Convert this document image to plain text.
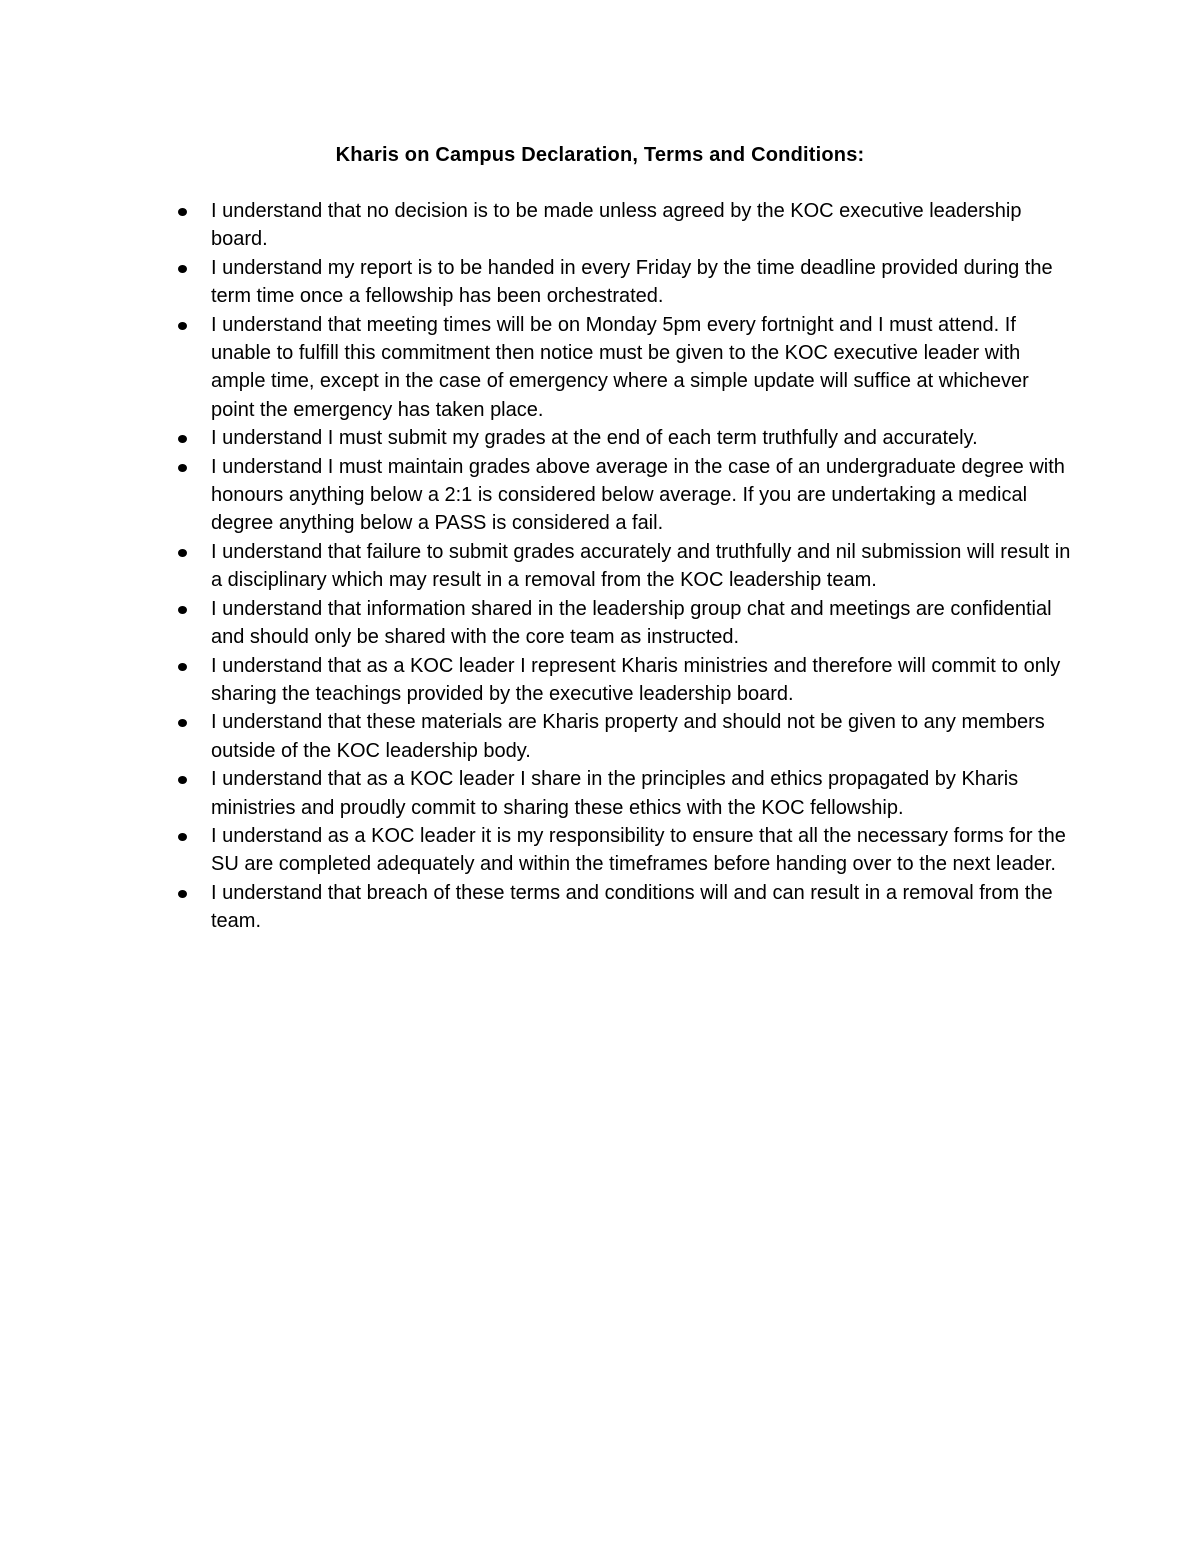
Kharis on Campus Declaration, Terms and Conditions:
I understand that no decision is to be made unless agreed by the KOC executive leadership board.
I understand my report is to be handed in every Friday by the time deadline provided during the term time once a fellowship has been orchestrated.
I understand that meeting times will be on Monday 5pm every fortnight and I must attend. If unable to fulfill this commitment then notice must be given to the KOC executive leader with ample time, except in the case of emergency where a simple update will suffice at whichever point the emergency has taken place.
I understand I must submit my grades at the end of each term truthfully and accurately.
I understand I must maintain grades above average in the case of an undergraduate degree with honours anything below a 2:1 is considered below average. If you are undertaking a medical degree anything below a PASS is considered a fail.
I understand that failure to submit grades accurately and truthfully and nil submission will result in a disciplinary which may result in a removal from the KOC leadership team.
I understand that information shared in the leadership group chat and meetings are confidential and should only be shared with the core team as instructed.
I understand that as a KOC leader I represent Kharis ministries and therefore will commit to only sharing the teachings provided by the executive leadership board.
I understand that these materials are Kharis property and should not be given to any members outside of the KOC leadership body.
I understand that as a KOC leader I share in the principles and ethics propagated by Kharis ministries and proudly commit to sharing these ethics with the KOC fellowship.
I understand as a KOC leader it is my responsibility to ensure that all the necessary forms for the SU are completed adequately and within the timeframes before handing over to the next leader.
I understand that breach of these terms and conditions will and can result in a removal from the team.
